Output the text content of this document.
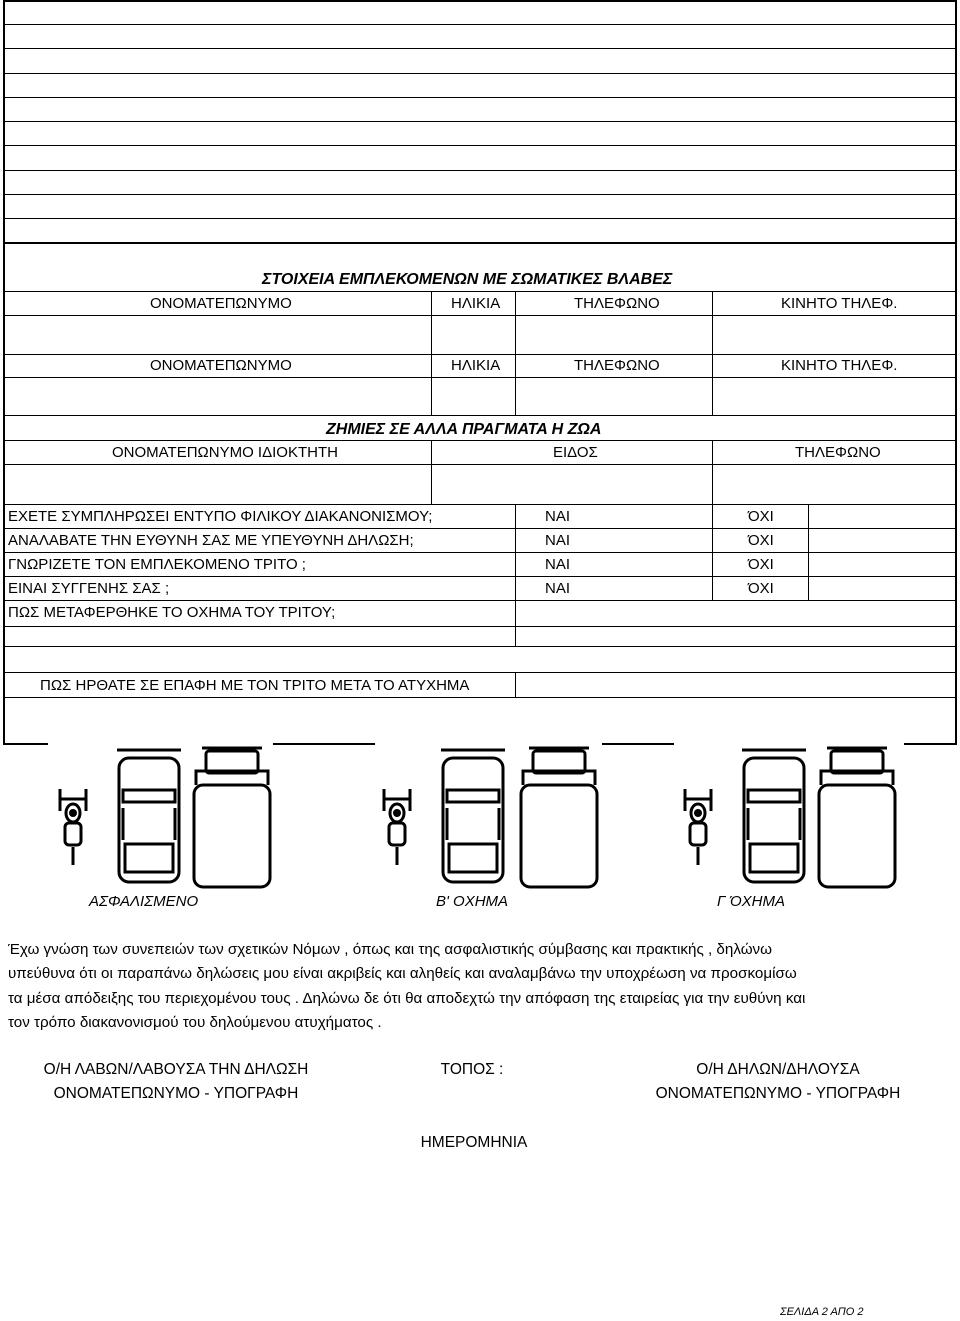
ΣΤΟΙΧΕΙΑ ΕΜΠΛΕΚΟΜΕΝΩΝ ΜΕ ΣΩΜΑΤΙΚΕΣ ΒΛΑΒΕΣ
ΟΝΟΜΑΤΕΠΩΝΥΜΟ	ΗΛΙΚΙΑ	ΤΗΛΕΦΩΝΟ	ΚΙΝΗΤΟ ΤΗΛΕΦ.
ΟΝΟΜΑΤΕΠΩΝΥΜΟ	ΗΛΙΚΙΑ	ΤΗΛΕΦΩΝΟ	ΚΙΝΗΤΟ ΤΗΛΕΦ.
ΖΗΜΙΕΣ ΣΕ ΑΛΛΑ ΠΡΑΓΜΑΤΑ Η ΖΩΑ
ΟΝΟΜΑΤΕΠΩΝΥΜΟ ΙΔΙΟΚΤΗΤΗ	ΕΙΔΟΣ	ΤΗΛΕΦΩΝΟ
ΕΧΕΤΕ ΣΥΜΠΛΗΡΩΣΕΙ ΕΝΤΥΠΟ ΦΙΛΙΚΟΥ ΔΙΑΚΑΝΟΝΙΣΜΟΥ;	ΝΑΙ	ΌΧΙ
ΑΝΑΛΑΒΑΤΕ ΤΗΝ ΕΥΘΥΝΗ ΣΑΣ ΜΕ ΥΠΕΥΘΥΝΗ ΔΗΛΩΣΗ;	ΝΑΙ	ΌΧΙ
ΓΝΩΡΙΖΕΤΕ ΤΟΝ ΕΜΠΛΕΚΟΜΕΝΟ ΤΡΙΤΟ ;	ΝΑΙ	ΌΧΙ
ΕΙΝΑΙ ΣΥΓΓΕΝΗΣ ΣΑΣ ;	ΝΑΙ	ΌΧΙ
ΠΩΣ ΜΕΤΑΦΕΡΘΗΚΕ ΤΟ ΟΧΗΜΑ ΤΟΥ ΤΡΙΤΟΥ;
ΠΩΣ ΗΡΘΑΤΕ ΣΕ ΕΠΑΦΗ ΜΕ ΤΟΝ ΤΡΙΤΟ ΜΕΤΑ ΤΟ ΑΤΥΧΗΜΑ
ΑΣΦΑΛΙΣΜΕΝΟ	Β' ΟΧΗΜΑ	Γ ΌΧΗΜΑ
Έχω γνώση των συνεπειών των σχετικών Νόμων , όπως και της ασφαλιστικής σύμβασης και πρακτικής , δηλώνω
υπεύθυνα ότι οι παραπάνω δηλώσεις μου είναι ακριβείς και αληθείς και αναλαμβάνω την υποχρέωση να προσκομίσω
τα μέσα απόδειξης του περιεχομένου τους . Δηλώνω δε ότι θα αποδεχτώ την απόφαση της εταιρείας για την ευθύνη και
τον τρόπο διακανονισμού του δηλούμενου ατυχήματος .
Ο/Η ΛΑΒΩΝ/ΛΑΒΟΥΣΑ ΤΗΝ ΔΗΛΩΣΗ
ΟΝΟΜΑΤΕΠΩΝΥΜΟ - ΥΠΟΓΡΑΦΗ
ΤΟΠΟΣ :	Ο/Η ΔΗΛΩΝ/ΔΗΛΟΥΣΑ
ΟΝΟΜΑΤΕΠΩΝΥΜΟ - ΥΠΟΓΡΑΦΗ
ΗΜΕΡΟΜΗΝΙΑ
ΣΕΛΙΔΑ 2 ΑΠΟ 2
